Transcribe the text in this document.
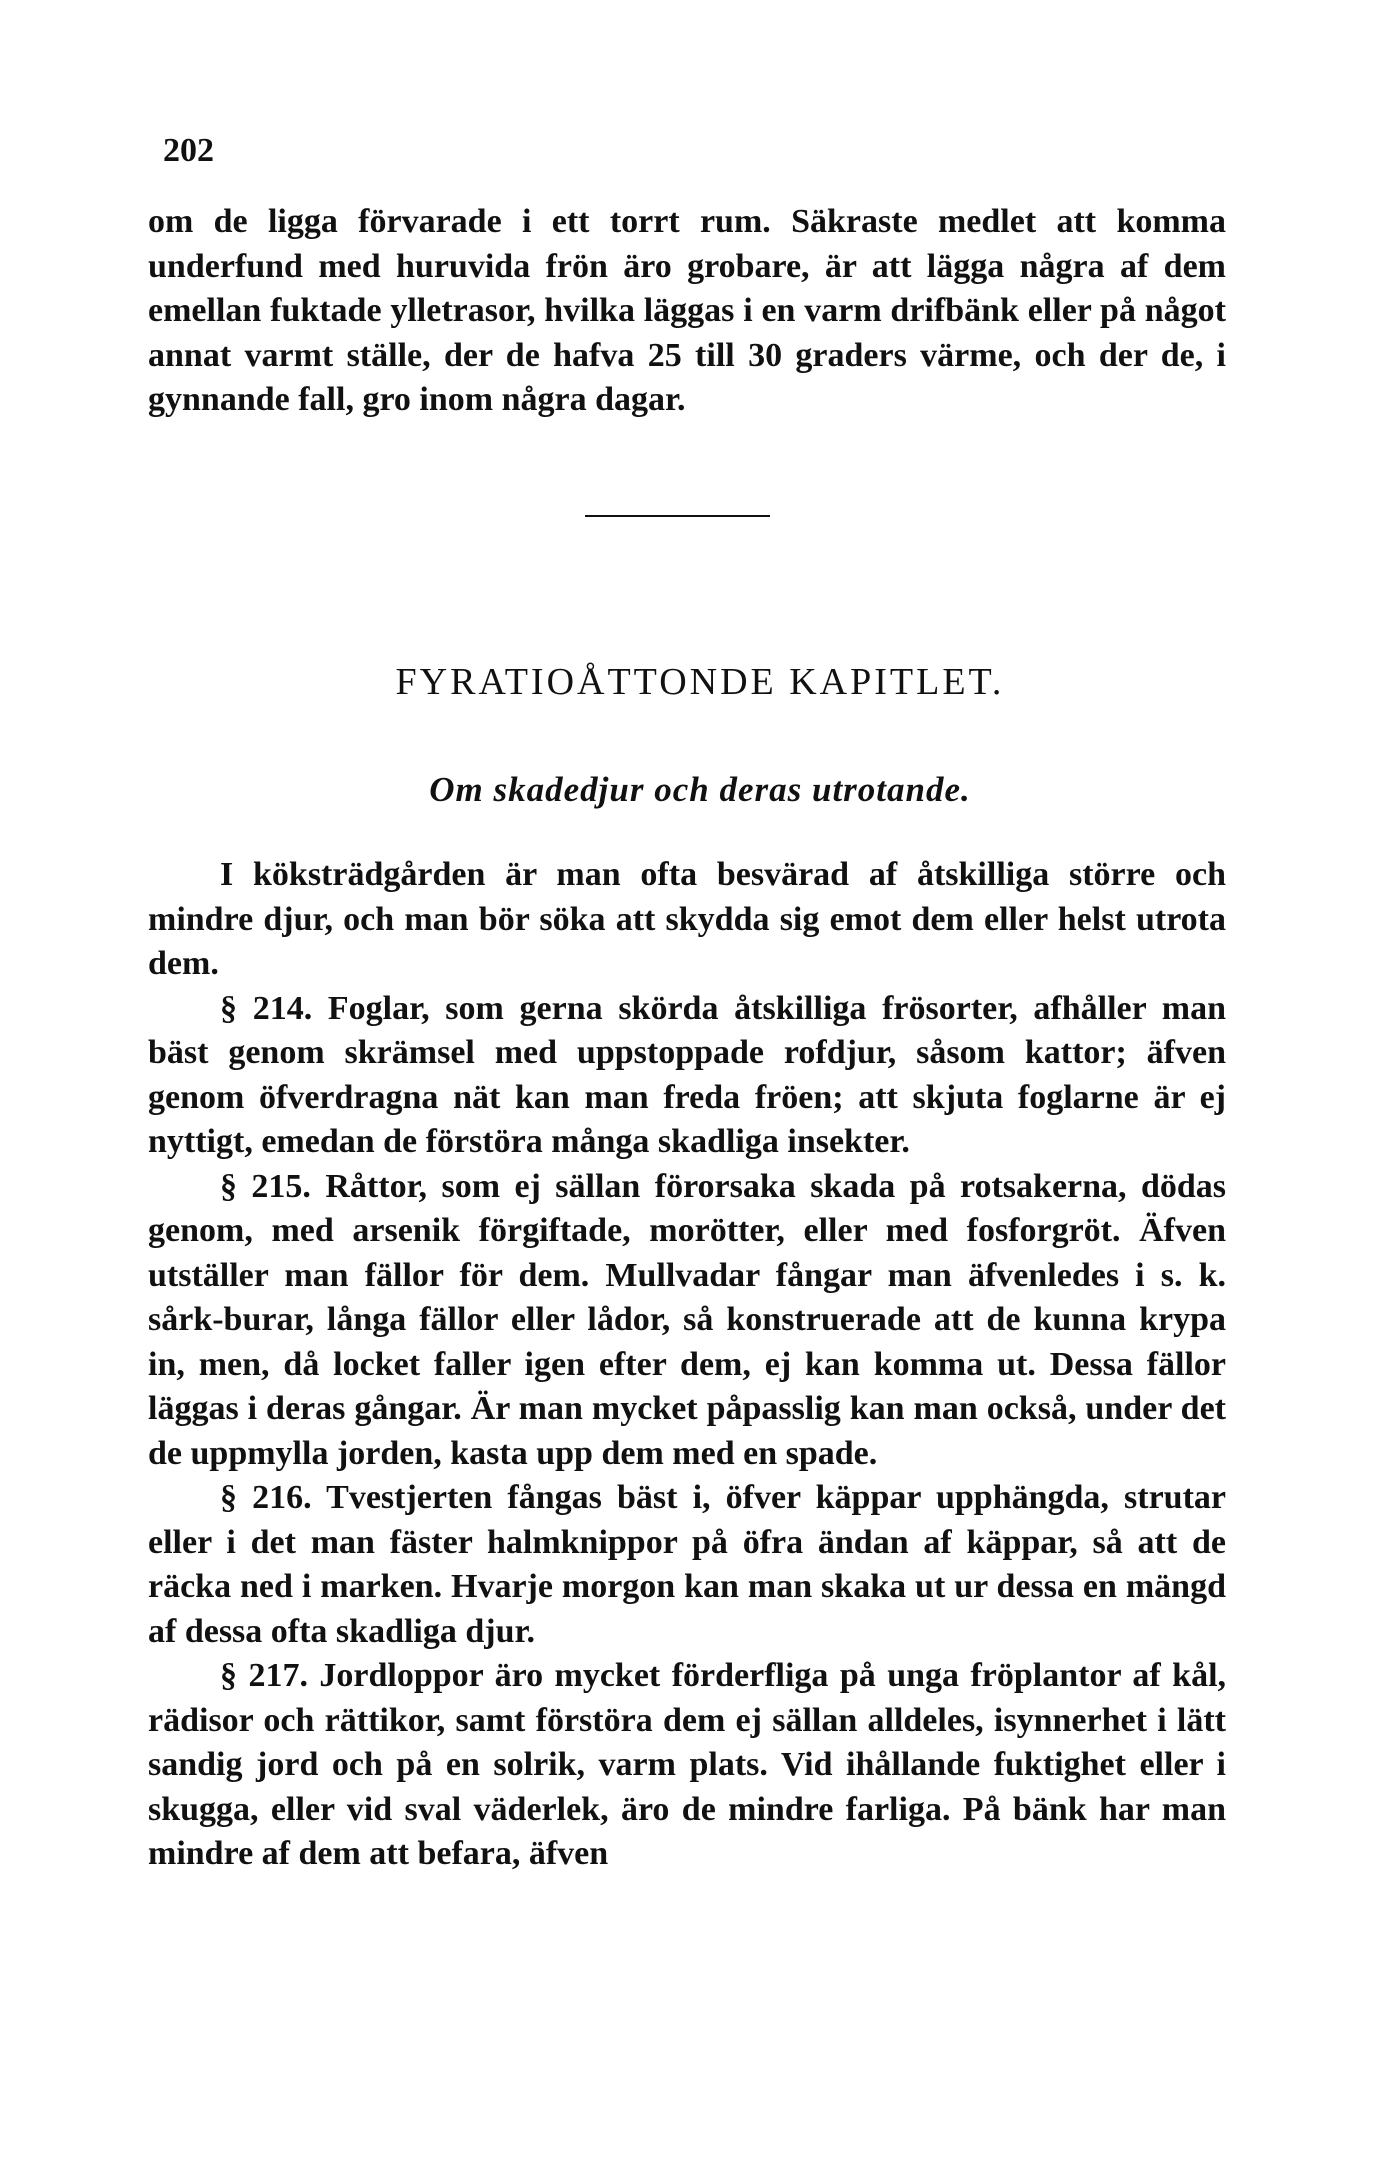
202

om de ligga förvarade i ett torrt rum. Säkraste medlet att komma underfund med huruvida frön äro grobare, är att lägga några af dem emellan fuktade ylletrasor, hvilka läggas i en varm drifbänk eller på något annat varmt ställe, der de hafva 25 till 30 graders värme, och der de, i gynnande fall, gro inom några dagar.

FYRATIOÅTTONDE KAPITLET.
Om skadedjur och deras utrotande.

I köksträdgården är man ofta besvärad af åtskilliga större och mindre djur, och man bör söka att skydda sig emot dem eller helst utrota dem.

§ 214. Foglar, som gerna skörda åtskilliga frösorter, afhåller man bäst genom skrämsel med uppstoppade rofdjur, såsom kattor; äfven genom öfverdragna nät kan man freda fröen; att skjuta foglarne är ej nyttigt, emedan de förstöra många skadliga insekter.

§ 215. Råttor, som ej sällan förorsaka skada på rotsakerna, dödas genom, med arsenik förgiftade, morötter, eller med fosforgröt. Äfven utställer man fällor för dem. Mullvadar fångar man äfvenledes i s. k. sårk-burar, långa fällor eller lådor, så konstruerade att de kunna krypa in, men, då locket faller igen efter dem, ej kan komma ut. Dessa fällor läggas i deras gångar. Är man mycket påpasslig kan man också, under det de uppmylla jorden, kasta upp dem med en spade.

§ 216. Tvestjerten fångas bäst i, öfver käppar upphängda, strutar eller i det man fäster halmknippor på öfra ändan af käppar, så att de räcka ned i marken. Hvarje morgon kan man skaka ut ur dessa en mängd af dessa ofta skadliga djur.

§ 217. Jordloppor äro mycket förderfliga på unga fröplantor af kål, rädisor och rättikor, samt förstöra dem ej sällan alldeles, isynnerhet i lätt sandig jord och på en solrik, varm plats. Vid ihållande fuktighet eller i skugga, eller vid sval väderlek, äro de mindre farliga. På bänk har man mindre af dem att befara, äfven
